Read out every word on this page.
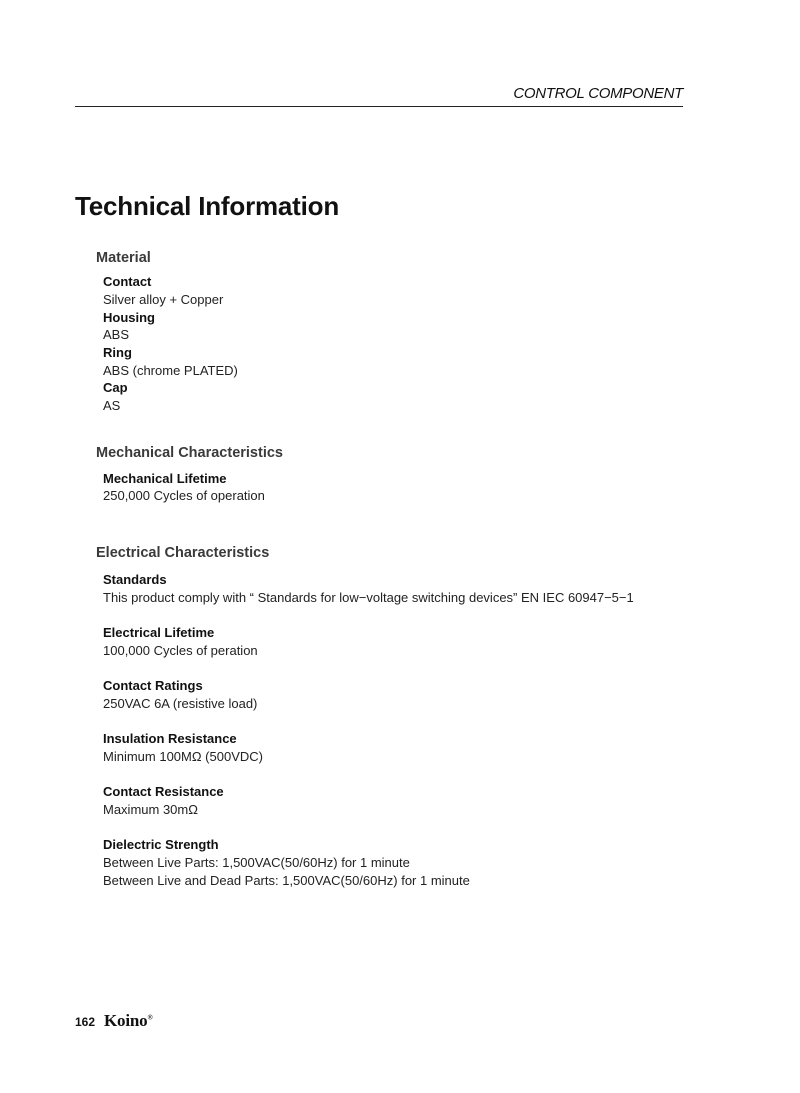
CONTROL COMPONENT
Technical Information
Material
Contact
Silver alloy + Copper
Housing
ABS
Ring
ABS (chrome PLATED)
Cap
AS
Mechanical Characteristics
Mechanical Lifetime
250,000 Cycles of operation
Electrical Characteristics
Standards
This product comply with “ Standards for low−voltage switching devices” EN IEC 60947−5−1
Electrical Lifetime
100,000 Cycles of peration
Contact Ratings
250VAC 6A (resistive load)
Insulation Resistance
Minimum 100MΩ (500VDC)
Contact Resistance
Maximum 30mΩ
Dielectric Strength
Between Live Parts: 1,500VAC(50/60Hz) for 1 minute
Between Live and Dead Parts: 1,500VAC(50/60Hz) for 1 minute
162 Koino®
